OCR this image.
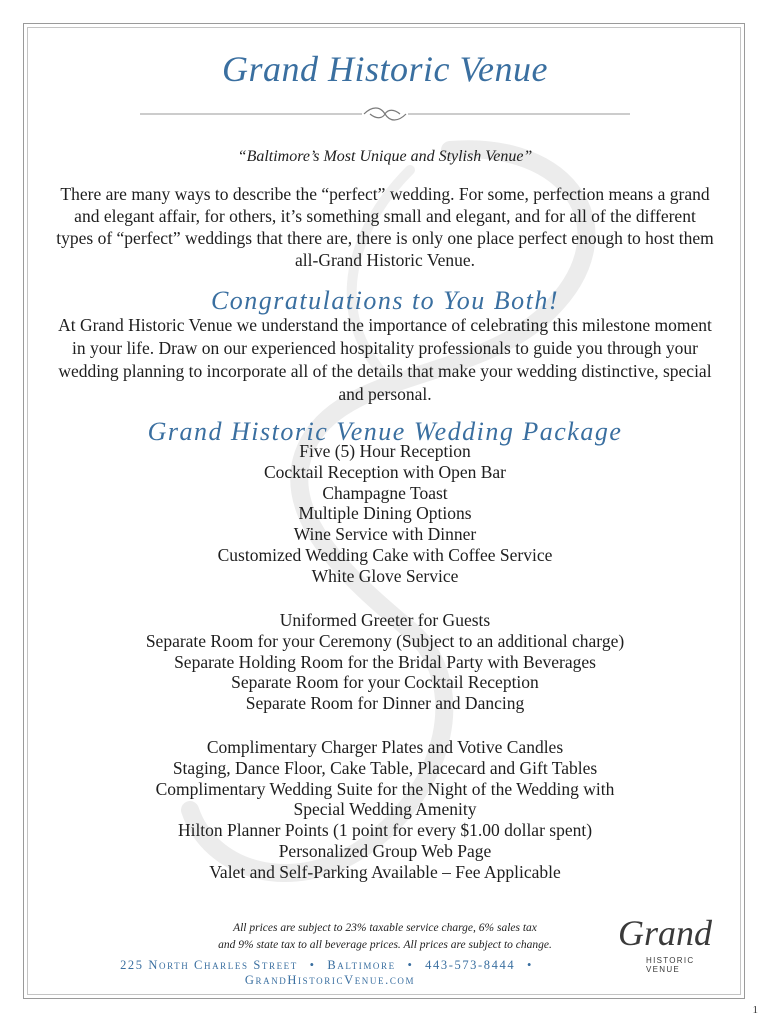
Grand Historic Venue
“Baltimore’s Most Unique and Stylish Venue”
There are many ways to describe the “perfect” wedding. For some, perfection means a grand and elegant affair, for others, it’s something small and elegant, and for all of the different types of “perfect” weddings that there are, there is only one place perfect enough to host them all-Grand Historic Venue.
Congratulations to You Both!
At Grand Historic Venue we understand the importance of celebrating this milestone moment in your life. Draw on our experienced hospitality professionals to guide you through your wedding planning to incorporate all of the details that make your wedding distinctive, special and personal.
Grand Historic Venue Wedding Package
Five (5) Hour Reception
Cocktail Reception with Open Bar
Champagne Toast
Multiple Dining Options
Wine Service with Dinner
Customized Wedding Cake with Coffee Service
White Glove Service
Uniformed Greeter for Guests
Separate Room for your Ceremony (Subject to an additional charge)
Separate Holding Room for the Bridal Party with Beverages
Separate Room for your Cocktail Reception
Separate Room for Dinner and Dancing
Complimentary Charger Plates and Votive Candles
Staging, Dance Floor, Cake Table, Placecard and Gift Tables
Complimentary Wedding Suite for the Night of the Wedding with Special Wedding Amenity
Hilton Planner Points (1 point for every $1.00 dollar spent)
Personalized Group Web Page
Valet and Self-Parking Available – Fee Applicable
All prices are subject to 23% taxable service charge, 6% sales tax
and 9% state tax to all beverage prices. All prices are subject to change.
225 North Charles Street • Baltimore • 443-573-8444 • GrandHistoricVenue.com
Grand
HISTORIC VENUE
1
